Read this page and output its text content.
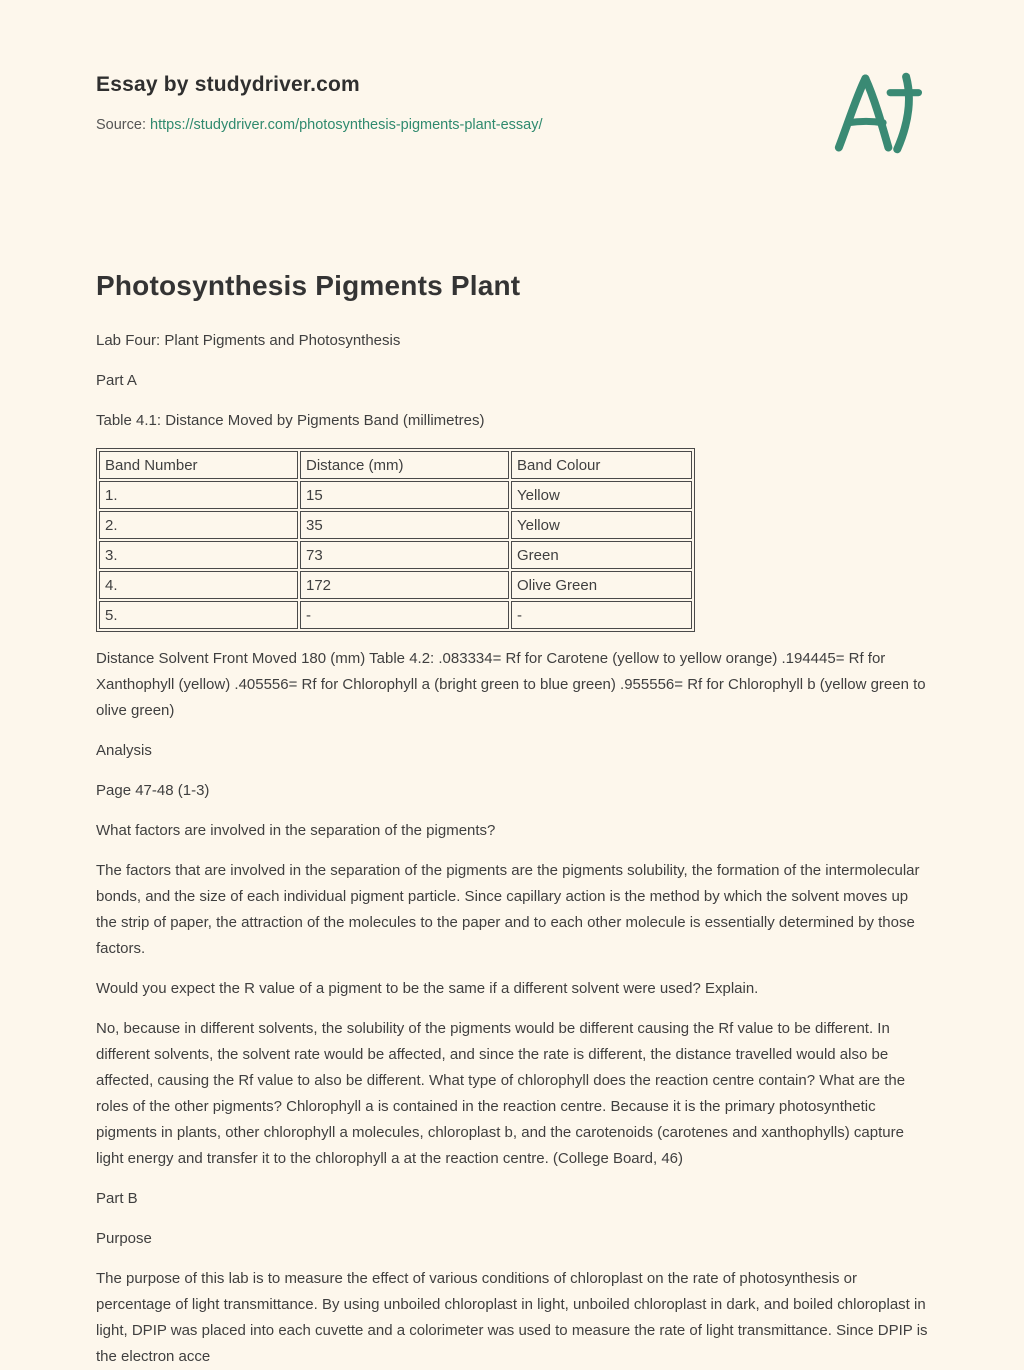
Essay by studydriver.com

Source: https://studydriver.com/photosynthesis-pigments-plant-essay/

Photosynthesis Pigments Plant

Lab Four: Plant Pigments and Photosynthesis

Part A

Table 4.1: Distance Moved by Pigments Band (millimetres)

Band Number	Distance (mm)	Band Colour
1.	15	Yellow
2.	35	Yellow
3.	73	Green
4.	172	Olive Green
5.	-	-

Distance Solvent Front Moved 180 (mm) Table 4.2: .083334= Rf for Carotene (yellow to yellow orange) .194445= Rf for Xanthophyll (yellow) .405556= Rf for Chlorophyll a (bright green to blue green) .955556= Rf for Chlorophyll b (yellow green to olive green)

Analysis

Page 47-48 (1-3)

What factors are involved in the separation of the pigments?

The factors that are involved in the separation of the pigments are the pigments solubility, the formation of the intermolecular bonds, and the size of each individual pigment particle. Since capillary action is the method by which the solvent moves up the strip of paper, the attraction of the molecules to the paper and to each other molecule is essentially determined by those factors.

Would you expect the R value of a pigment to be the same if a different solvent were used? Explain.

No, because in different solvents, the solubility of the pigments would be different causing the Rf value to be different. In different solvents, the solvent rate would be affected, and since the rate is different, the distance travelled would also be affected, causing the Rf value to also be different. What type of chlorophyll does the reaction centre contain? What are the roles of the other pigments? Chlorophyll a is contained in the reaction centre. Because it is the primary photosynthetic pigments in plants, other chlorophyll a molecules, chloroplast b, and the carotenoids (carotenes and xanthophylls) capture light energy and transfer it to the chlorophyll a at the reaction centre. (College Board, 46)

Part B

Purpose

The purpose of this lab is to measure the effect of various conditions of chloroplast on the rate of photosynthesis or percentage of light transmittance. By using unboiled chloroplast in light, unboiled chloroplast in dark, and boiled chloroplast in light, DPIP was placed into each cuvette and a colorimeter was used to measure the rate of light transmittance. Since DPIP is the electron acce
